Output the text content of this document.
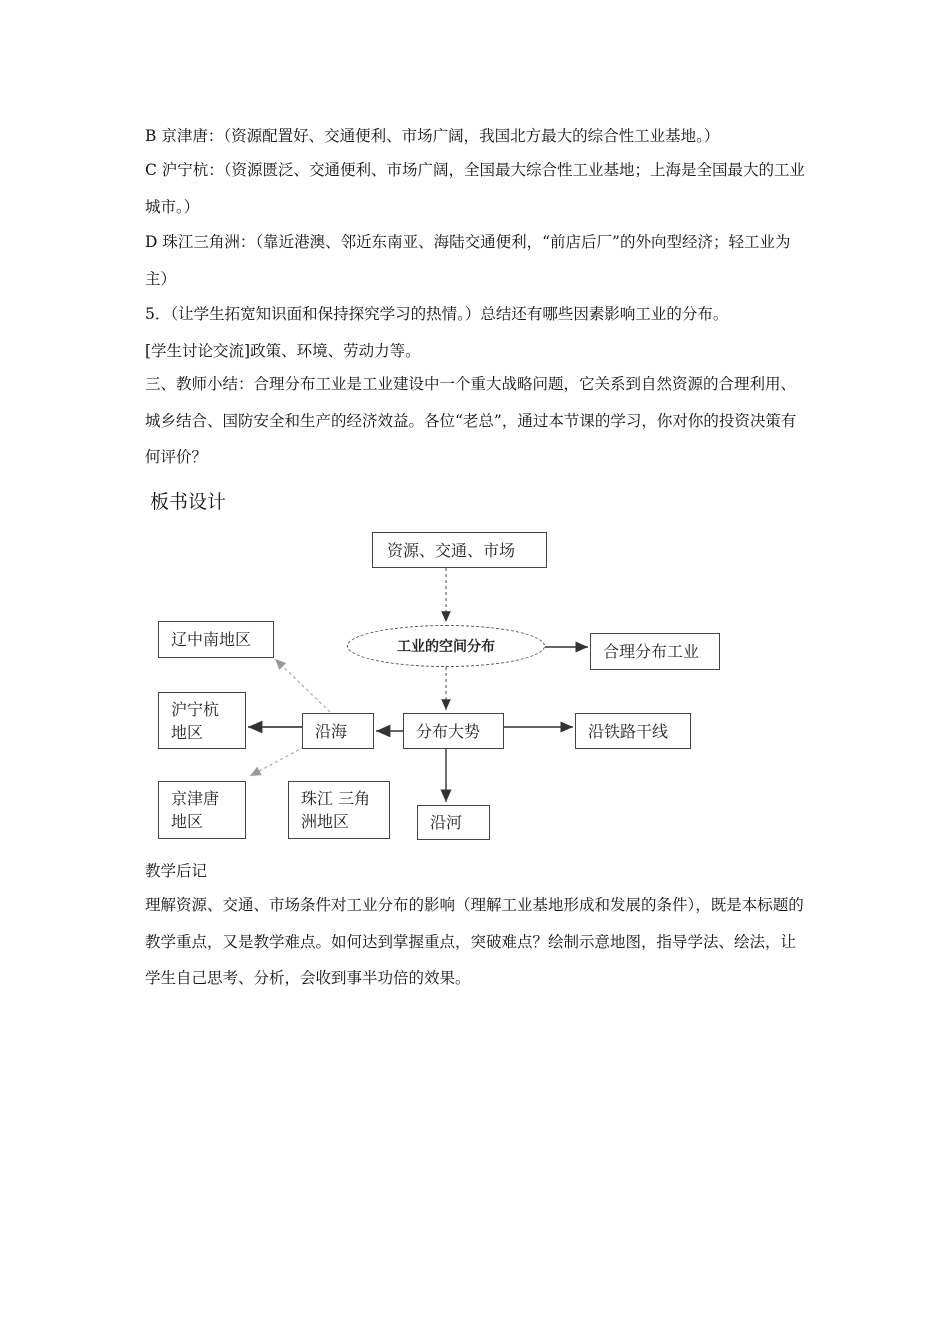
B 京津唐：（资源配置好、交通便利、市场广阔，我国北方最大的综合性工业基地。）
C 沪宁杭：（资源匮泛、交通便利、市场广阔，全国最大综合性工业基地；上海是全国最大的工业城市。）
D 珠江三角洲：（靠近港澳、邻近东南亚、海陆交通便利，“前店后厂”的外向型经济；轻工业为主）
5．（让学生拓宽知识面和保持探究学习的热情。）总结还有哪些因素影响工业的分布。
[学生讨论交流]政策、环境、劳动力等。
三、教师小结：合理分布工业是工业建设中一个重大战略问题，它关系到自然资源的合理利用、城乡结合、国防安全和生产的经济效益。各位“老总”，通过本节课的学习，你对你的投资决策有何评价？
板书设计
资源、交通、市场
工业的空间分布	合理分布工业
辽中南地区
沪宁杭
地区	沿海	分布大势	沿铁路干线
京津唐
地区
珠江 三角
洲地区	沿河
教学后记
理解资源、交通、市场条件对工业分布的影响（理解工业基地形成和发展的条件），既是本标题的教学重点，又是教学难点。如何达到掌握重点，突破难点？绘制示意地图，指导学法、绘法，让学生自己思考、分析，会收到事半功倍的效果。
